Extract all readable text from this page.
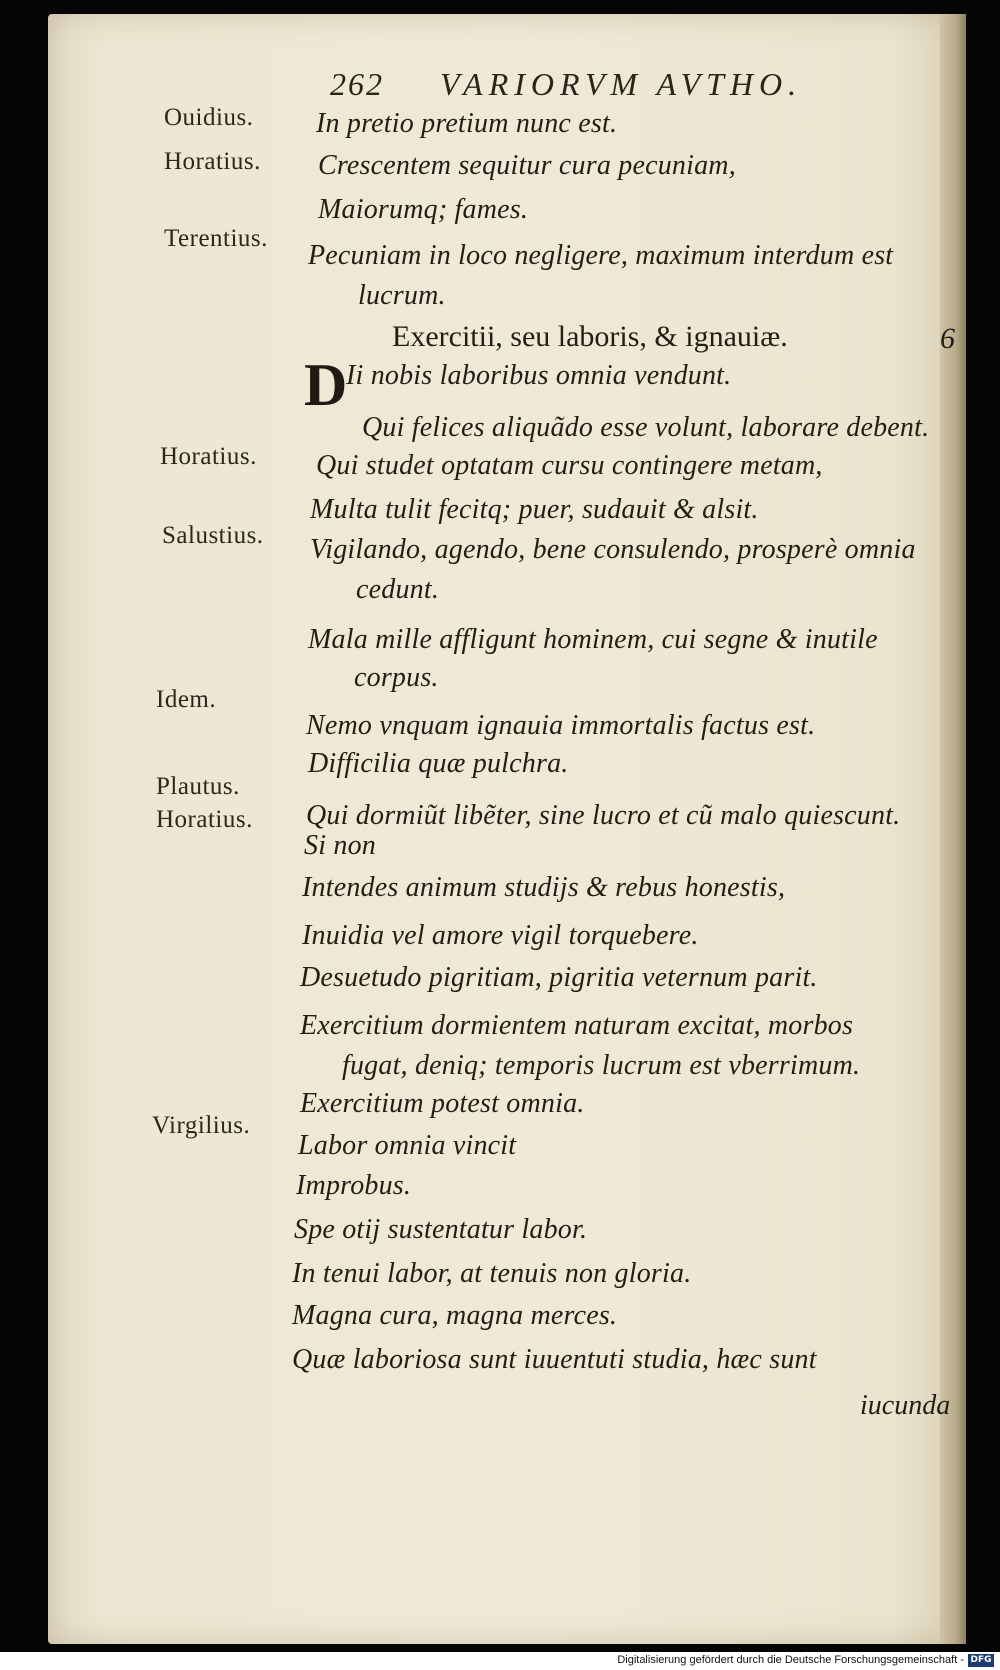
262 VARIORVM AVTHO.
Ouidius.
Horatius.
Terentius.
Horatius.
Salustius.
Idem.
Plautus.
Horatius.
Virgilius.
In pretio pretium nunc est.
Crescentem sequitur cura pecuniam,
Maiorumq; fames.
Pecuniam in loco negligere, maximum interdum est
lucrum.
Exercitii, seu laboris, & ignauiæ.	6
D
Ii nobis laboribus omnia vendunt.
Qui felices aliquãdo esse volunt, laborare debent.
Qui studet optatam cursu contingere metam,
Multa tulit fecitq; puer, sudauit & alsit.
Vigilando, agendo, bene consulendo, prosperè omnia
cedunt.
Mala mille affligunt hominem, cui segne & inutile
corpus.
Nemo vnquam ignauia immortalis factus est.
Difficilia quæ pulchra.
Qui dormiũt libẽter, sine lucro et cũ malo quiescunt.
Si non
Intendes animum studijs & rebus honestis,
Inuidia vel amore vigil torquebere.
Desuetudo pigritiam, pigritia veternum parit.
Exercitium dormientem naturam excitat, morbos
fugat, deniq; temporis lucrum est vberrimum.
Exercitium potest omnia.
Labor omnia vincit
Improbus.
Spe otij sustentatur labor.
In tenui labor, at tenuis non gloria.
Magna cura, magna merces.
Quæ laboriosa sunt iuuentuti studia, hæc sunt
iucunda
Digitalisierung gefördert durch die Deutsche Forschungsgemeinschaft - DFG
